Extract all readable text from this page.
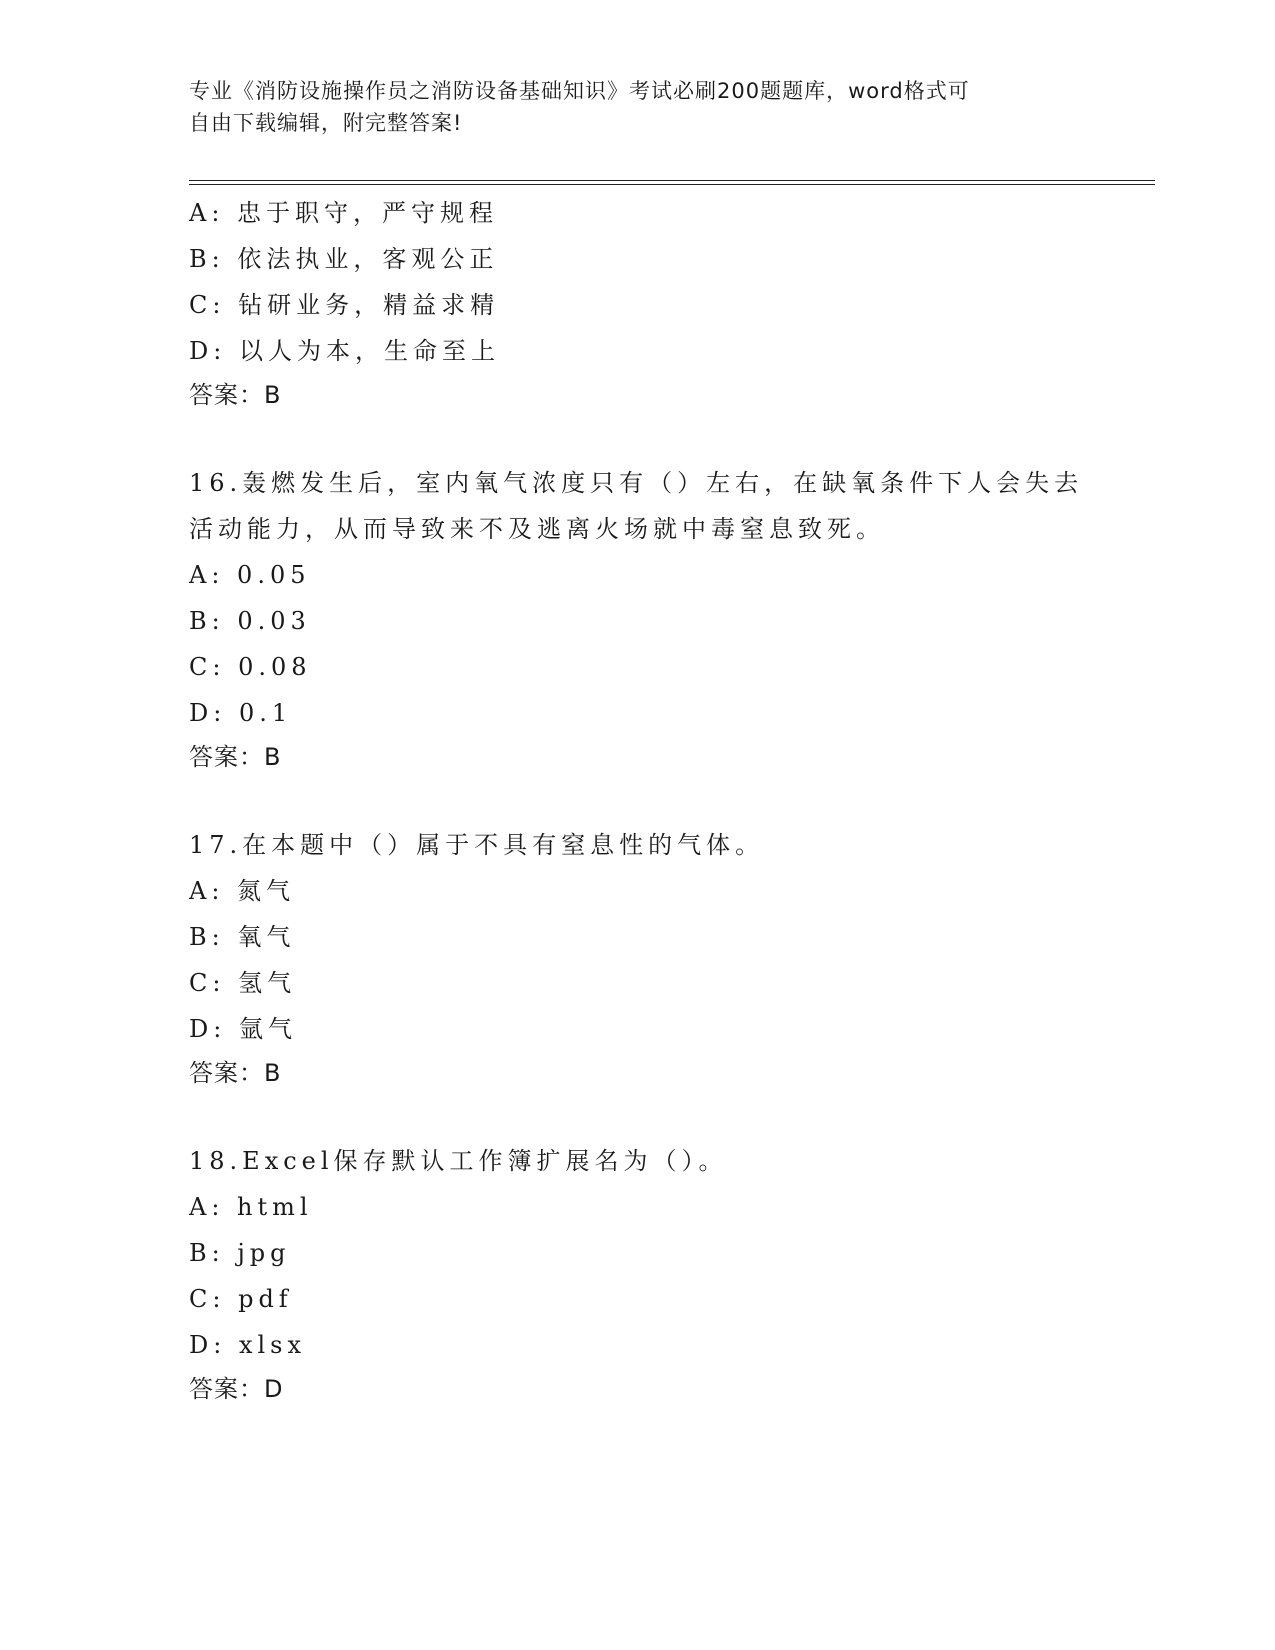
专业《消防设施操作员之消防设备基础知识》考试必刷200题题库，word格式可
自由下载编辑，附完整答案!
A: 忠于职守，严守规程
B: 依法执业，客观公正
C: 钻研业务，精益求精
D: 以人为本，生命至上
答案：B
16.轰燃发生后，室内氧气浓度只有（）左右，在缺氧条件下人会失去
活动能力，从而导致来不及逃离火场就中毒窒息致死。
A: 0.05
B: 0.03
C: 0.08
D: 0.1
答案：B
17.在本题中（）属于不具有窒息性的气体。
A: 氮气
B: 氧气
C: 氢气
D: 氩气
答案：B
18.Excel保存默认工作簿扩展名为（）。
A: html
B: jpg
C: pdf
D: xlsx
答案：D
